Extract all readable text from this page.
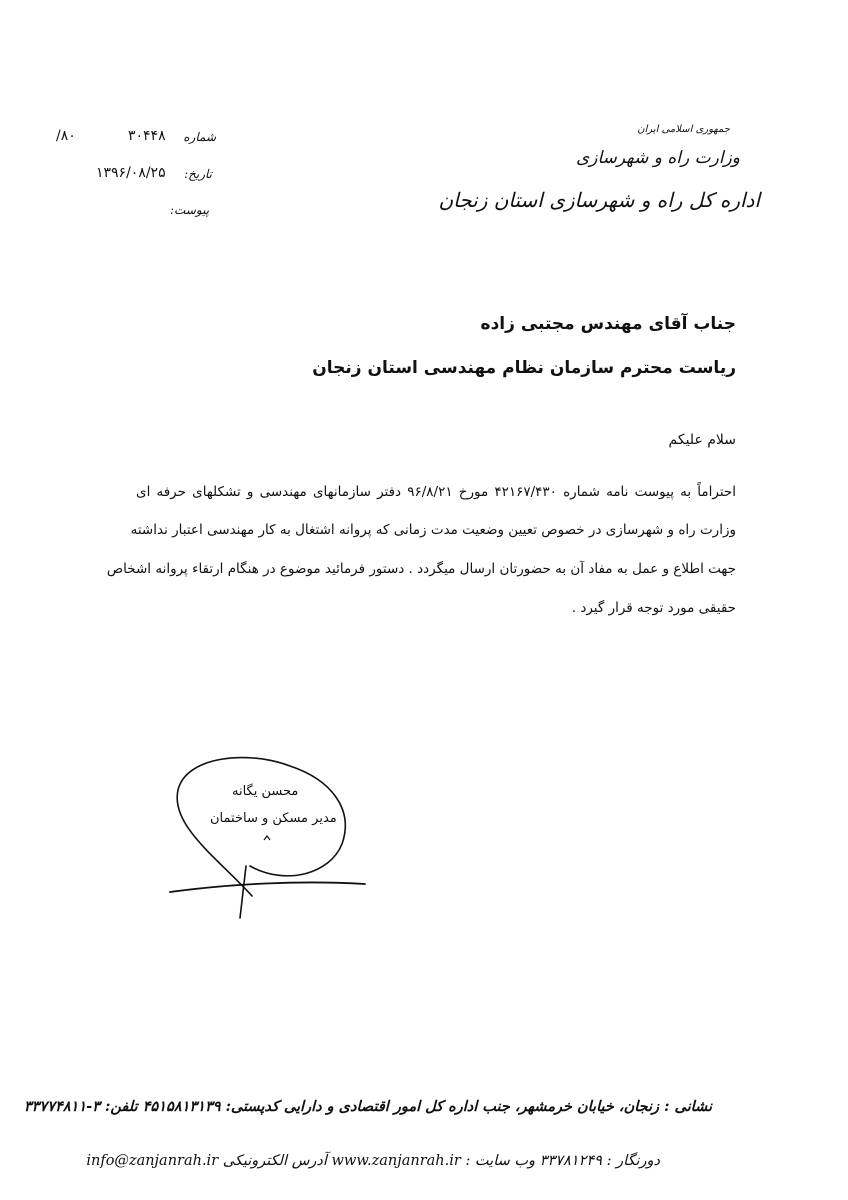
جمهوری اسلامی ایران
وزارت راه و شهرسازی
اداره کل راه و شهرسازی استان زنجان
/۸۰	۳۰۴۴۸ شماره
۱۳۹۶/۰۸/۲۵ تاریخ:
پیوست:
جناب آقای مهندس مجتبی زاده
ریاست محترم سازمان نظام مهندسی استان زنجان
سلام علیکم
احتراماً به پیوست نامه شماره ۴۲۱۶۷/۴۳۰ مورخ ۹۶/۸/۲۱ دفتر سازمانهای مهندسی و تشکلهای حرفه ای
وزارت راه و شهرسازی در خصوص تعیین وضعیت مدت زمانی که پروانه اشتغال به کار مهندسی اعتبار نداشته
جهت اطلاع و عمل به مفاد آن به حضورتان ارسال میگردد . دستور فرمائید موضوع در هنگام ارتقاء پروانه اشخاص
حقیقی مورد توجه قرار گیرد .
محسن یگانه
مدیر مسکن و ساختمان
نشانی : زنجان، خیابان خرمشهر، جنب اداره کل امور اقتصادی و دارایی کدپستی: ۴۵۱۵۸۱۳۱۳۹ تلفن: ۳-۳۳۷۷۴۸۱۱
دورنگار : ۳۳۷۸۱۲۴۹ وب سایت : www.zanjanrah.ir آدرس الکترونیکی info@zanjanrah.ir
